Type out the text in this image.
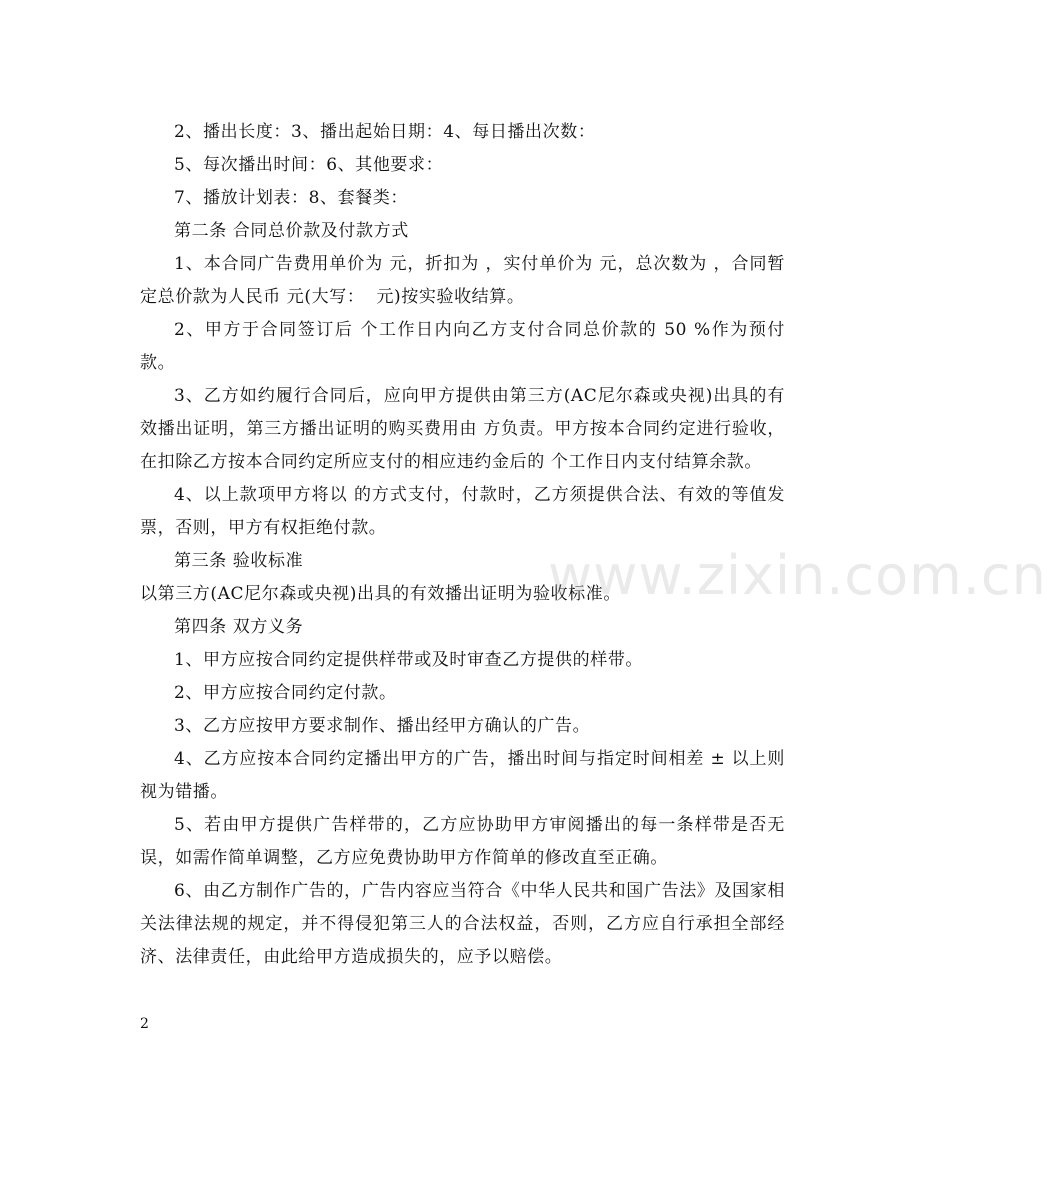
2、播出长度：3、播出起始日期：4、每日播出次数：

5、每次播出时间：6、其他要求：

7、播放计划表：8、套餐类：

第二条 合同总价款及付款方式

1、本合同广告费用单价为 元，折扣为 ，实付单价为 元，总次数为 ，合同暂定总价款为人民币 元(大写：  元)按实验收结算。

2、甲方于合同签订后 个工作日内向乙方支付合同总价款的 50 %作为预付款。

3、乙方如约履行合同后，应向甲方提供由第三方(AC尼尔森或央视)出具的有效播出证明，第三方播出证明的购买费用由 方负责。甲方按本合同约定进行验收，在扣除乙方按本合同约定所应支付的相应违约金后的 个工作日内支付结算余款。

4、以上款项甲方将以 的方式支付，付款时，乙方须提供合法、有效的等值发票，否则，甲方有权拒绝付款。

第三条 验收标准

以第三方(AC尼尔森或央视)出具的有效播出证明为验收标准。

第四条 双方义务

1、甲方应按合同约定提供样带或及时审查乙方提供的样带。

2、甲方应按合同约定付款。

3、乙方应按甲方要求制作、播出经甲方确认的广告。

4、乙方应按本合同约定播出甲方的广告，播出时间与指定时间相差 ± 以上则视为错播。

5、若由甲方提供广告样带的，乙方应协助甲方审阅播出的每一条样带是否无误，如需作简单调整，乙方应免费协助甲方作简单的修改直至正确。

6、由乙方制作广告的，广告内容应当符合《中华人民共和国广告法》及国家相关法律法规的规定，并不得侵犯第三人的合法权益，否则，乙方应自行承担全部经济、法律责任，由此给甲方造成损失的，应予以赔偿。

www.zixin.com.cn
2
